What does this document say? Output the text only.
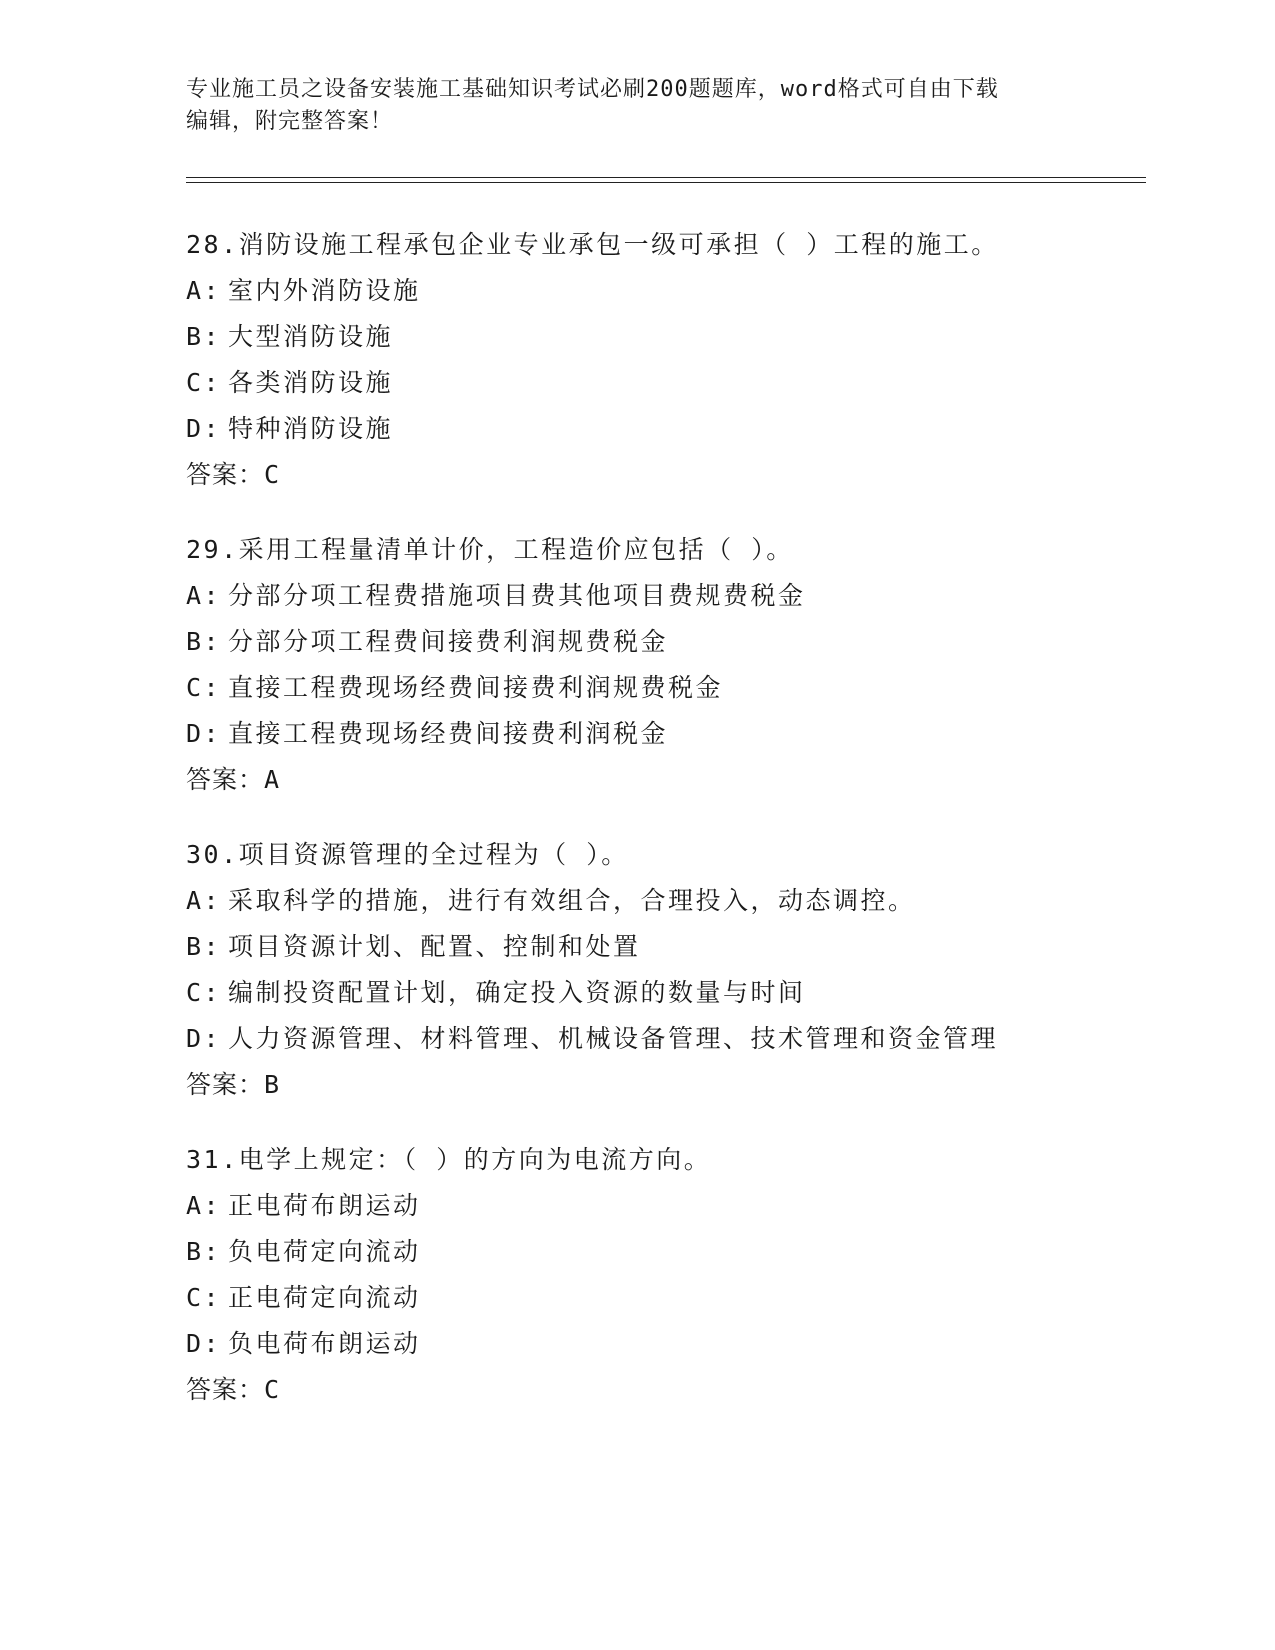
专业施工员之设备安装施工基础知识考试必刷200题题库，word格式可自由下载
编辑，附完整答案！
28.消防设施工程承包企业专业承包一级可承担（ ）工程的施工。
A: 室内外消防设施
B: 大型消防设施
C: 各类消防设施
D: 特种消防设施
答案：C
29.采用工程量清单计价，工程造价应包括（ ）。
A: 分部分项工程费措施项目费其他项目费规费税金
B: 分部分项工程费间接费利润规费税金
C: 直接工程费现场经费间接费利润规费税金
D: 直接工程费现场经费间接费利润税金
答案：A
30.项目资源管理的全过程为（ ）。
A: 采取科学的措施，进行有效组合，合理投入，动态调控。
B: 项目资源计划、配置、控制和处置
C: 编制投资配置计划，确定投入资源的数量与时间
D: 人力资源管理、材料管理、机械设备管理、技术管理和资金管理
答案：B
31.电学上规定：（ ）的方向为电流方向。
A: 正电荷布朗运动
B: 负电荷定向流动
C: 正电荷定向流动
D: 负电荷布朗运动
答案：C
